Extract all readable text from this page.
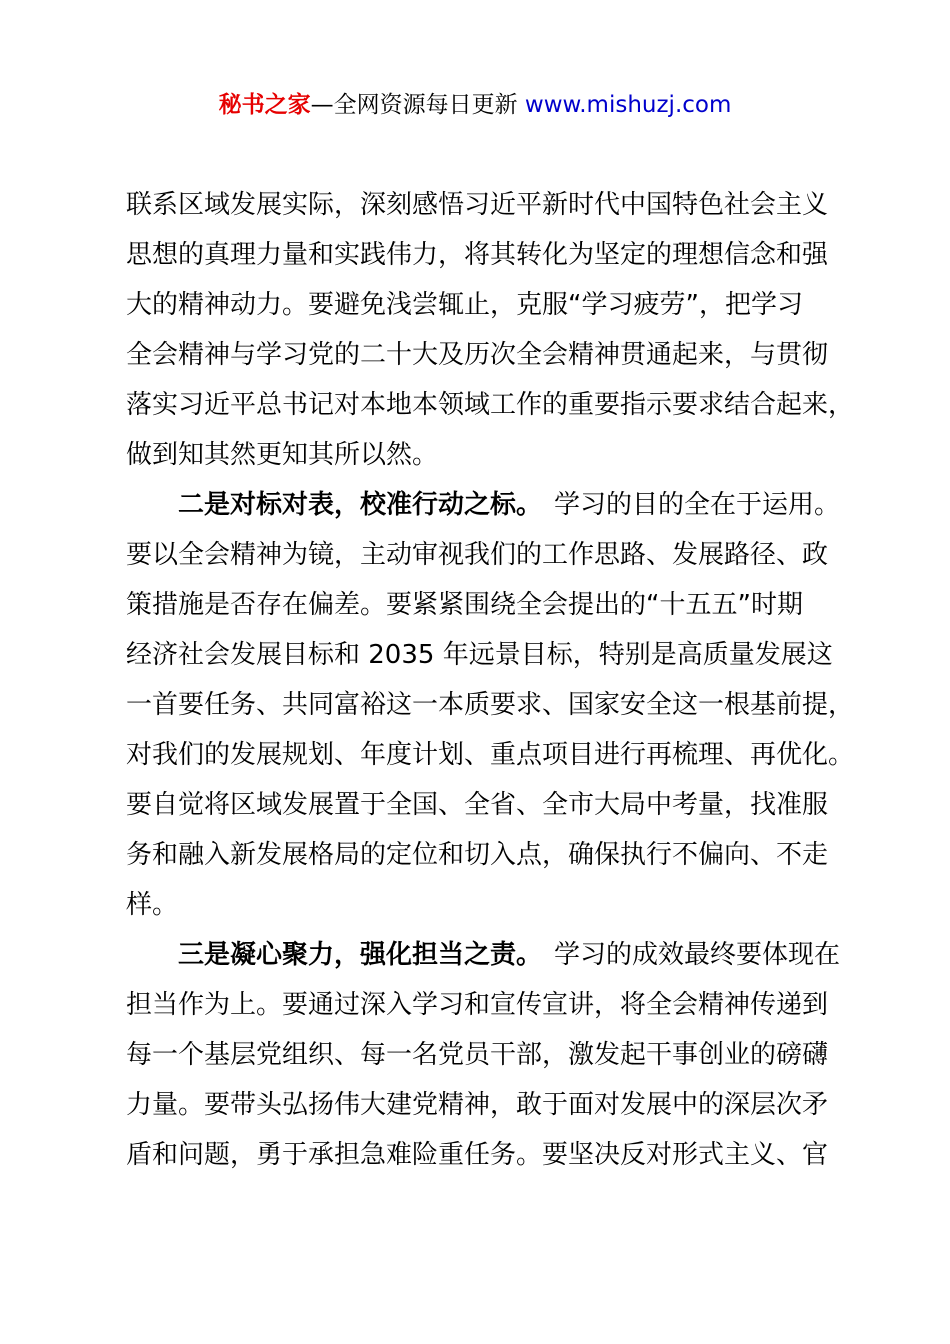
秘书之家—全网资源每日更新 www.mishuzj.com
联系区域发展实际，深刻感悟习近平新时代中国特色社会主义
思想的真理力量和实践伟力，将其转化为坚定的理想信念和强
大的精神动力。要避免浅尝辄止，克服“学习疲劳”，把学习
全会精神与学习党的二十大及历次全会精神贯通起来，与贯彻
落实习近平总书记对本地本领域工作的重要指示要求结合起来，
做到知其然更知其所以然。
二是对标对表，校准行动之标。 学习的目的全在于运用。
要以全会精神为镜，主动审视我们的工作思路、发展路径、政
策措施是否存在偏差。要紧紧围绕全会提出的“十五五”时期
经济社会发展目标和 2035 年远景目标，特别是高质量发展这
一首要任务、共同富裕这一本质要求、国家安全这一根基前提，
对我们的发展规划、年度计划、重点项目进行再梳理、再优化。
要自觉将区域发展置于全国、全省、全市大局中考量，找准服
务和融入新发展格局的定位和切入点，确保执行不偏向、不走
样。
三是凝心聚力，强化担当之责。 学习的成效最终要体现在
担当作为上。要通过深入学习和宣传宣讲，将全会精神传递到
每一个基层党组织、每一名党员干部，激发起干事创业的磅礴
力量。要带头弘扬伟大建党精神，敢于面对发展中的深层次矛
盾和问题，勇于承担急难险重任务。要坚决反对形式主义、官
